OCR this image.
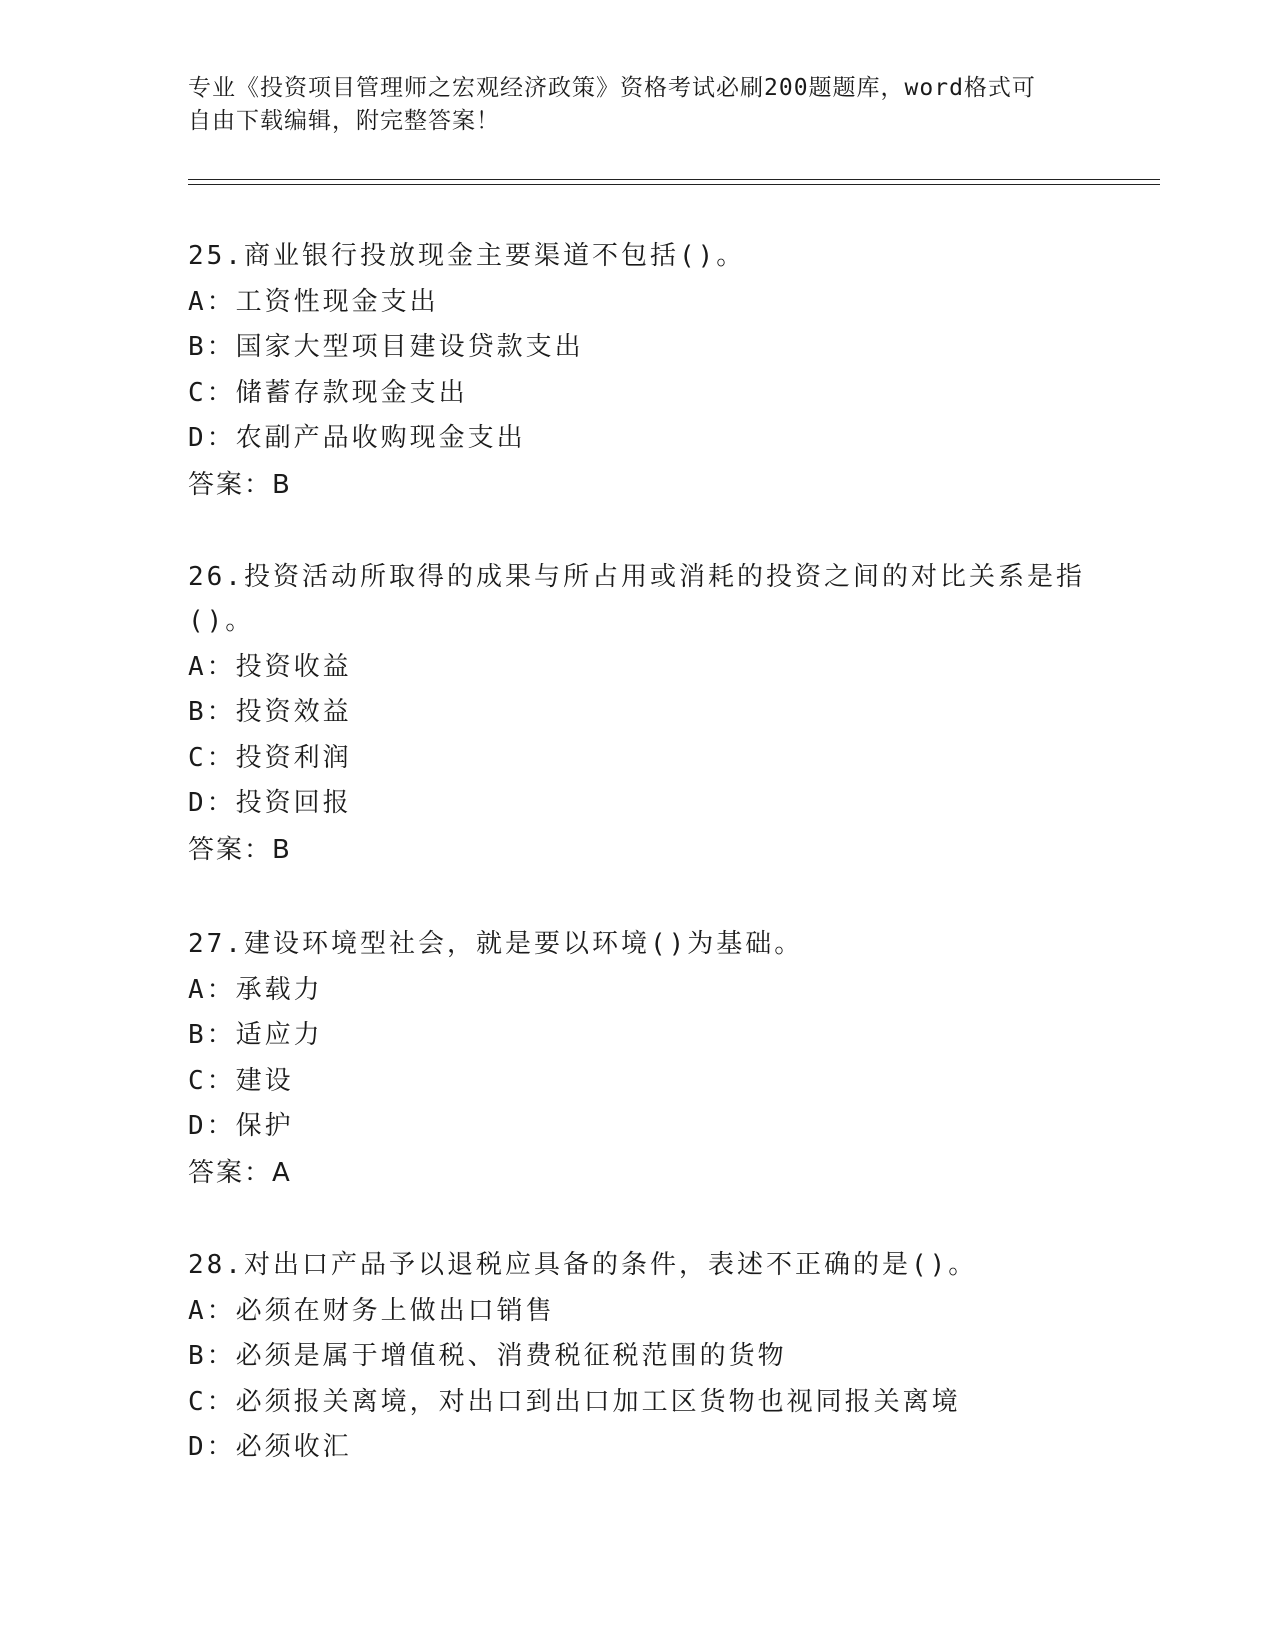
专业《投资项目管理师之宏观经济政策》资格考试必刷200题题库，word格式可
自由下载编辑，附完整答案！
25.商业银行投放现金主要渠道不包括()。
A：工资性现金支出
B：国家大型项目建设贷款支出
C：储蓄存款现金支出
D：农副产品收购现金支出
答案：B
26.投资活动所取得的成果与所占用或消耗的投资之间的对比关系是指
()。
A：投资收益
B：投资效益
C：投资利润
D：投资回报
答案：B
27.建设环境型社会，就是要以环境()为基础。
A：承载力
B：适应力
C：建设
D：保护
答案：A
28.对出口产品予以退税应具备的条件，表述不正确的是()。
A：必须在财务上做出口销售
B：必须是属于增值税、消费税征税范围的货物
C：必须报关离境，对出口到出口加工区货物也视同报关离境
D：必须收汇
